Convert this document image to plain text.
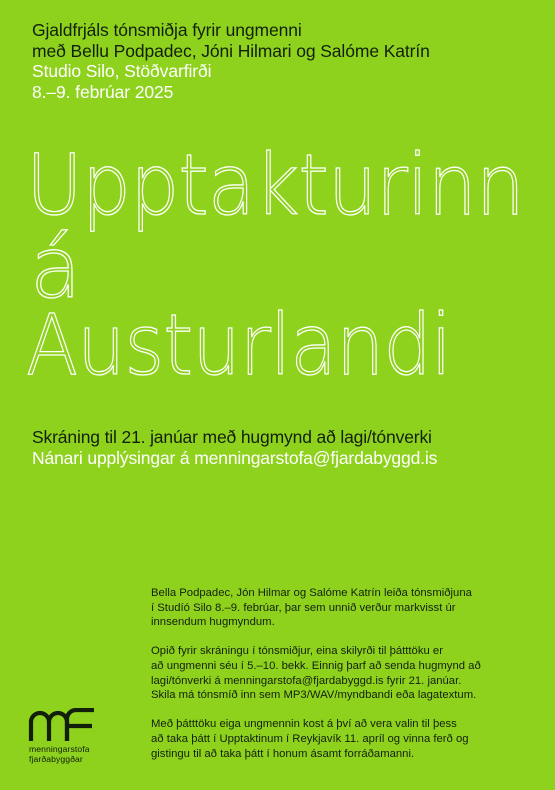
Gjaldfrjáls tónsmiðja fyrir ungmenni
með Bellu Podpadec, Jóni Hilmari og Salóme Katrín
Studio Silo, Stöðvarfirði
8.–9. febrúar 2025
Upptakturinn
á
Austurlandi
Skráning til 21. janúar með hugmynd að lagi/tónverki
Nánari upplýsingar á menningarstofa@fjardabyggd.is
Bella Podpadec, Jón Hilmar og Salóme Katrín leiða tónsmiðjuna
í Studíó Silo 8.–9. febrúar, þar sem unnið verður markvisst úr
innsendum hugmyndum.
Opið fyrir skráningu í tónsmiðjur, eina skilyrði til þátttöku er
að ungmenni séu í 5.–10. bekk. Einnig þarf að senda hugmynd að
lagi/tónverki á menningarstofa@fjardabyggd.is fyrir 21. janúar.
Skila má tónsmíð inn sem MP3/WAV/myndbandi eða lagatextum.
Með þátttöku eiga ungmennin kost á því að vera valin til þess
að taka þátt í Upptaktinum í Reykjavík 11. apríl og vinna ferð og
gistingu til að taka þátt í honum ásamt forráðamanni.
menningarstofa
fjarðabyggðar
